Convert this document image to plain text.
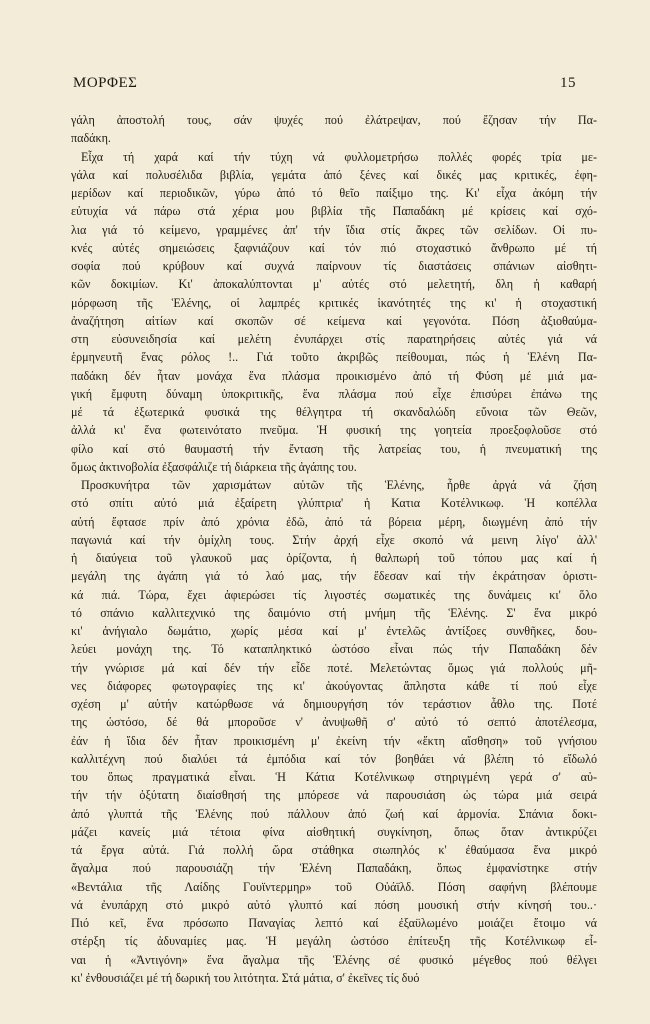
ΜΟΡΦΕΣ	15
γάλη ἀποστολή τους, σάν ψυχές πού ἐλάτρεψαν, πού ἔζησαν τήν Πα-
παδάκη.
Εἶχα τή χαρά καί τήν τύχη νά φυλλομετρήσω πολλές φορές τρία με-
γάλα καί πολυσέλιδα βιβλία, γεμάτα ἀπό ξένες καί δικές μας κριτικές, ἐφη-
μερίδων καί περιοδικῶν, γύρω ἀπό τό θεῖο παίξιμο της. Κι' εἶχα ἀκόμη τήν
εὐτυχία νά πάρω στά χέρια μου βιβλία τῆς Παπαδάκη μέ κρίσεις καί σχό-
λια γιά τό κείμενο, γραμμένες ἀπ' τήν ἴδια στίς ἄκρες τῶν σελίδων. Οἱ πυ-
κνές αὐτές σημειώσεις ξαφνιάζουν καί τόν πιό στοχαστικό ἄνθρωπο μέ τή
σοφία πού κρύβουν καί συχνά παίρνουν τίς διαστάσεις σπάνιων αἰσθητι-
κῶν δοκιμίων. Κι' ἀποκαλύπτονται μ' αὐτές στό μελετητή, δλη ἡ καθαρή
μόρφωση τῆς Ἑλένης, οἱ λαμπρές κριτικές ἱκανότητές της κι' ἡ στοχαστική
ἀναζήτηση αἰτίων καί σκοπῶν σέ κείμενα καί γεγονότα. Πόση ἀξιοθαύμα-
στη εὐσυνειδησία καί μελέτη ἐνυπάρχει στίς παρατηρήσεις αὐτές γιά νά
ἑρμηνευτῆ ἕνας ρόλος !.. Γιά τοῦτο ἀκριβῶς πείθουμαι, πώς ἡ Ἑλένη Πα-
παδάκη δέν ἦταν μονάχα ἕνα πλάσμα προικισμένο ἀπό τή Φύση μέ μιά μα-
γική ἔμφυτη δύναμη ὑποκριτικῆς, ἕνα πλάσμα πού εἶχε ἐπισύρει ἐπάνω της
μέ τά ἐξωτερικά φυσικά της θέλγητρα τή σκανδαλώδη εὔνοια τῶν Θεῶν,
ἀλλά κι' ἕνα φωτεινότατο πνεῦμα. Ἡ φυσική της γοητεία προεξοφλοῦσε στό
φίλο καί στό θαυμαστή τήν ἔνταση τῆς λατρείας του, ἡ πνευματική της
ὅμως ἀκτινοβολία ἐξασφάλιζε τή διάρκεια τῆς ἀγάπης του.
Προσκυνήτρα τῶν χαρισμάτων αὐτῶν τῆς Ἑλένης, ἦρθε ἀργά νά ζήση
στό σπίτι αὐτό μιά ἐξαίρετη γλύπτρια' ἡ Κατια Κοτέλνικωφ. Ἡ κοπέλλα
αὐτή ἔφτασε πρίν ἀπό χρόνια ἐδῶ, ἀπό τά βόρεια μέρη, διωγμένη ἀπό τήν
παγωνιά καί τήν ὁμίχλη τους. Στήν ἀρχή εἶχε σκοπό νά μεινη λίγο' ἀλλ'
ἡ διαύγεια τοῦ γλαυκοῦ μας ὁρίζοντα, ἡ θαλπωρή τοῦ τόπου μας καί ἡ
μεγάλη της ἀγάπη γιά τό λαό μας, τήν ἔδεσαν καί τήν ἐκράτησαν ὁριστι-
κά πιά. Τώρα, ἔχει ἀφιερώσει τίς λιγοστές σωματικές της δυνάμεις κι' ὅλο
τό σπάνιο καλλιτεχνικό της δαιμόνιο στή μνήμη τῆς Ἑλένης. Σ' ἕνα μικρό
κι' ἀνήγιαλο δωμάτιο, χωρίς μέσα καί μ' ἐντελῶς ἀντίξοες συνθῆκες, δου-
λεύει μονάχη της. Τό καταπληκτικό ὡστόσο εἶναι πώς τήν Παπαδάκη δέν
τήν γνώρισε μά καί δέν τήν εἶδε ποτέ. Μελετώντας ὅμως γιά πολλούς μῆ-
νες διάφορες φωτογραφίες της κι' ἀκούγοντας ἄπληστα κάθε τί πού εἶχε
σχέση μ' αὐτήν κατώρθωσε νά δημιουργήση τόν τεράστιον ἆθλο της. Ποτέ
της ὡστόσο, δέ θά μποροῦσε ν' ἀνυψωθῆ σ' αὐτό τό σεπτό ἀποτέλεσμα,
ἐάν ἡ ἴδια δέν ἦταν προικισμένη μ' ἐκείνη τήν «ἕκτη αἴσθηση» τοῦ γνήσιου
καλλιτέχνη πού διαλύει τά ἐμπόδια καί τόν βοηθάει νά βλέπη τό εἴδωλό
του ὅπως πραγματικά εἶναι. Ἡ Κάτια Κοτέλνικωφ στηριγμένη γερά σ' αὐ-
τήν τήν ὀξύτατη διαίσθησή της μπόρεσε νά παρουσιάση ὡς τώρα μιά σειρά
ἀπό γλυπτά τῆς Ἑλένης πού πάλλουν ἀπό ζωή καί ἁρμονία. Σπάνια δοκι-
μάζει κανείς μιά τέτοια φίνα αἰσθητική συγκίνηση, ὅπως ὅταν ἀντικρύζει
τά ἔργα αὐτά. Γιά πολλή ὥρα στάθηκα σιωπηλός κ' ἐθαύμασα ἕνα μικρό
ἄγαλμα πού παρουσιάζη τήν Ἑλένη Παπαδάκη, ὅπως ἐμφανίστηκε στήν
«Βεντάλια τῆς Λαίδης Γουϊντερμηρ» τοῦ Οὐάϊλδ. Πόση σαφήνη βλέπουμε
νά ἐνυπάρχη στό μικρό αὐτό γλυπτό καί πόση μουσική στήν κίνησή του..·
Πιό κεῖ, ἕνα πρόσωπο Παναγίας λεπτό καί ἐξαϋλωμένο μοιάζει ἕτοιμο νά
στέρξη τίς ἀδυναμίες μας. Ἡ μεγάλη ὡστόσο ἐπίτευξη τῆς Κοτέλνικωφ εἶ-
ναι ἡ «Ἀντιγόνη» ἕνα ἄγαλμα τῆς Ἑλένης σέ φυσικό μέγεθος πού θέλγει
κι' ἐνθουσιάζει μέ τή δωρική του λιτότητα. Στά μάτια, σ' ἐκεῖνες τίς δυό
